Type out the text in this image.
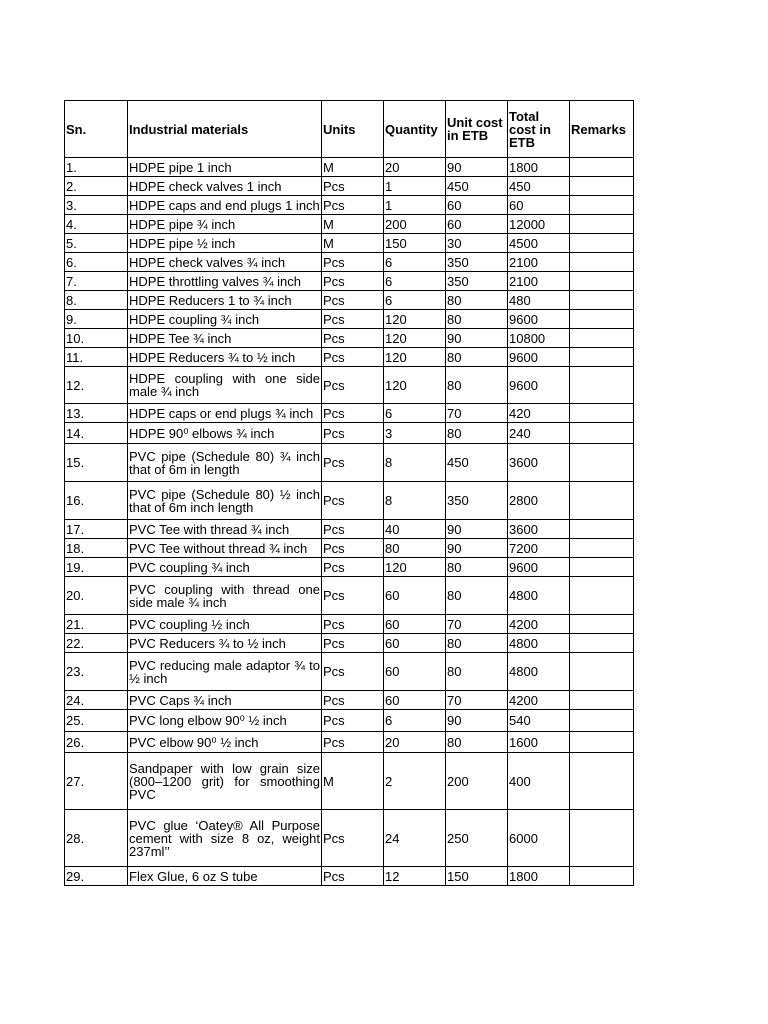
Sn.	Industrial materials	Units	Quantity	Unit cost in ETB	Total cost in ETB	Remarks
1.	HDPE pipe 1 inch	M	20	90	1800	
2.	HDPE check valves 1 inch	Pcs	1	450	450	
3.	HDPE caps and end plugs 1 inch	Pcs	1	60	60	
4.	HDPE pipe ¾ inch	M	200	60	12000	
5.	HDPE pipe ½ inch	M	150	30	4500	
6.	HDPE check valves ¾ inch	Pcs	6	350	2100	
7.	HDPE throttling valves ¾ inch	Pcs	6	350	2100	
8.	HDPE Reducers 1 to ¾ inch	Pcs	6	80	480	
9.	HDPE coupling ¾ inch	Pcs	120	80	9600	
10.	HDPE Tee ¾ inch	Pcs	120	90	10800	
11.	HDPE Reducers ¾ to ½ inch	Pcs	120	80	9600	
12.	HDPE coupling with one side male ¾ inch	Pcs	120	80	9600	
13.	HDPE caps or end plugs ¾ inch	Pcs	6	70	420	
14.	HDPE 90⁰ elbows ¾ inch	Pcs	3	80	240	
15.	PVC pipe (Schedule 80) ¾ inch that of 6m in length	Pcs	8	450	3600	
16.	PVC pipe (Schedule 80) ½ inch that of 6m inch length	Pcs	8	350	2800	
17.	PVC Tee with thread ¾ inch	Pcs	40	90	3600	
18.	PVC Tee without thread ¾ inch	Pcs	80	90	7200	
19.	PVC coupling ¾ inch	Pcs	120	80	9600	
20.	PVC coupling with thread one side male ¾ inch	Pcs	60	80	4800	
21.	PVC coupling ½ inch	Pcs	60	70	4200	
22.	PVC Reducers ¾ to ½ inch	Pcs	60	80	4800	
23.	PVC reducing male adaptor ¾ to ½ inch	Pcs	60	80	4800	
24.	PVC Caps ¾ inch	Pcs	60	70	4200	
25.	PVC long elbow 90⁰ ½ inch	Pcs	6	90	540	
26.	PVC elbow 90⁰ ½ inch	Pcs	20	80	1600	
27.	Sandpaper with low grain size (800–1200 grit) for smoothing PVC	M	2	200	400	
28.	PVC glue ‘Oatey® All Purpose cement with size 8 oz, weight 237ml’’	Pcs	24	250	6000	
29.	Flex Glue, 6 oz S tube	Pcs	12	150	1800	
